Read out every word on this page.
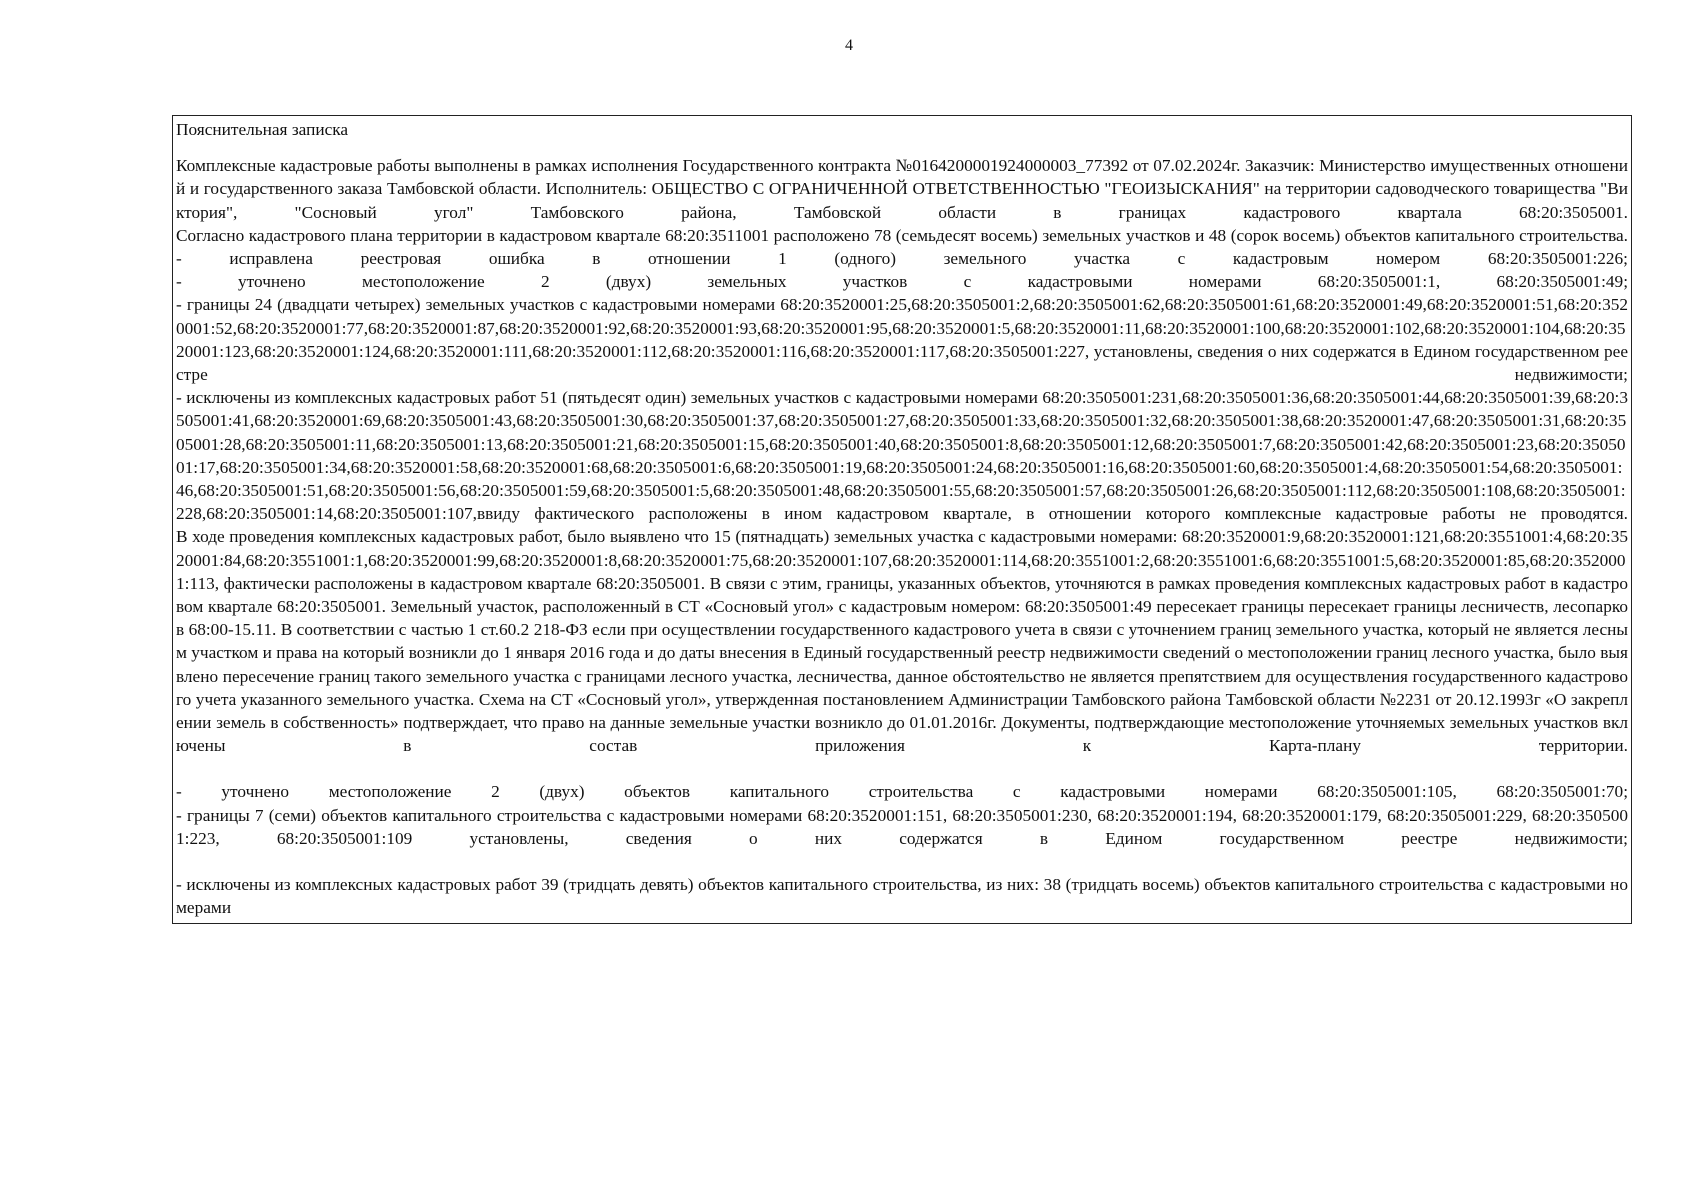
4
Пояснительная записка

Комплексные кадастровые работы выполнены в рамках исполнения Государственного контракта №0164200001924000003_77392 от 07.02.2024г. Заказчик: Министерство имущественных отношений и государственного заказа Тамбовской области. Исполнитель: ОБЩЕСТВО С ОГРАНИЧЕННОЙ ОТВЕТСТВЕННОСТЬЮ "ГЕОИЗЫСКАНИЯ" на территории садоводческого товарищества "Виктория", "Сосновый угол" Тамбовского района, Тамбовской области в границах кадастрового квартала 68:20:3505001.

Согласно кадастрового плана территории в кадастровом квартале 68:20:3511001 расположено 78 (семьдесят восемь) земельных участков и 48 (сорок восемь) объектов капитального строительства.

- исправлена реестровая ошибка в отношении 1 (одного) земельного участка с кадастровым номером 68:20:3505001:226;

- уточнено местоположение 2 (двух) земельных участков с кадастровыми номерами 68:20:3505001:1, 68:20:3505001:49;

- границы 24 (двадцати четырех) земельных участков с кадастровыми номерами 68:20:3520001:25,68:20:3505001:2,68:20:3505001:62,68:20:3505001:61,68:20:3520001:49,68:20:3520001:51,68:20:3520001:52,68:20:3520001:77,68:20:3520001:87,68:20:3520001:92,68:20:3520001:93,68:20:3520001:95,68:20:3520001:5,68:20:3520001:11,68:20:3520001:100,68:20:3520001:102,68:20:3520001:104,68:20:3520001:123,68:20:3520001:124,68:20:3520001:111,68:20:3520001:112,68:20:3520001:116,68:20:3520001:117,68:20:3505001:227, установлены, сведения о них содержатся в Едином государственном реестре недвижимости;

- исключены из комплексных кадастровых работ 51 (пятьдесят один) земельных участков с кадастровыми номерами 68:20:3505001:231,68:20:3505001:36,68:20:3505001:44,68:20:3505001:39,68:20:3505001:41,68:20:3520001:69,68:20:3505001:43,68:20:3505001:30,68:20:3505001:37,68:20:3505001:27,68:20:3505001:33,68:20:3505001:32,68:20:3505001:38,68:20:3520001:47,68:20:3505001:31,68:20:3505001:28,68:20:3505001:11,68:20:3505001:13,68:20:3505001:21,68:20:3505001:15,68:20:3505001:40,68:20:3505001:8,68:20:3505001:12,68:20:3505001:7,68:20:3505001:42,68:20:3505001:23,68:20:3505001:17,68:20:3505001:34,68:20:3520001:58,68:20:3520001:68,68:20:3505001:6,68:20:3505001:19,68:20:3505001:24,68:20:3505001:16,68:20:3505001:60,68:20:3505001:4,68:20:3505001:54,68:20:3505001:46,68:20:3505001:51,68:20:3505001:56,68:20:3505001:59,68:20:3505001:5,68:20:3505001:48,68:20:3505001:55,68:20:3505001:57,68:20:3505001:26,68:20:3505001:112,68:20:3505001:108,68:20:3505001:228,68:20:3505001:14,68:20:3505001:107,ввиду фактического расположены в ином кадастровом квартале, в отношении которого комплексные кадастровые работы не проводятся.

В ходе проведения комплексных кадастровых работ, было выявлено что 15 (пятнадцать) земельных участка с кадастровыми номерами: 68:20:3520001:9,68:20:3520001:121,68:20:3551001:4,68:20:3520001:84,68:20:3551001:1,68:20:3520001:99,68:20:3520001:8,68:20:3520001:75,68:20:3520001:107,68:20:3520001:114,68:20:3551001:2,68:20:3551001:6,68:20:3551001:5,68:20:3520001:85,68:20:3520001:113, фактически расположены в кадастровом квартале 68:20:3505001. В связи с этим, границы, указанных объектов, уточняются в рамках проведения комплексных кадастровых работ в кадастровом квартале 68:20:3505001. Земельный участок, расположенный в СТ «Сосновый угол» с кадастровым номером: 68:20:3505001:49 пересекает границы пересекает границы лесничеств, лесопарков 68:00-15.11. В соответствии с частью 1 ст.60.2 218-ФЗ если при осуществлении государственного кадастрового учета в связи с уточнением границ земельного участка, который не является лесным участком и права на который возникли до 1 января 2016 года и до даты внесения в Единый государственный реестр недвижимости сведений о местоположении границ лесного участка, было выявлено пересечение границ такого земельного участка с границами лесного участка, лесничества, данное обстоятельство не является препятствием для осуществления государственного кадастрового учета указанного земельного участка. Схема на СТ «Сосновый угол», утвержденная постановлением Администрации Тамбовского района Тамбовской области №2231 от 20.12.1993г «О закреплении земель в собственность» подтверждает, что право на данные земельные участки возникло до 01.01.2016г. Документы, подтверждающие местоположение уточняемых земельных участков включены в состав приложения к Карта-плану территории.

- уточнено местоположение 2 (двух) объектов капитального строительства с кадастровыми номерами 68:20:3505001:105, 68:20:3505001:70;

- границы 7 (семи) объектов капитального строительства с кадастровыми номерами 68:20:3520001:151, 68:20:3505001:230, 68:20:3520001:194, 68:20:3520001:179, 68:20:3505001:229, 68:20:3505001:223, 68:20:3505001:109 установлены, сведения о них содержатся в Едином государственном реестре недвижимости;

- исключены из комплексных кадастровых работ 39 (тридцать девять) объектов капитального строительства, из них: 38 (тридцать восемь) объектов капитального строительства с кадастровыми номерами
